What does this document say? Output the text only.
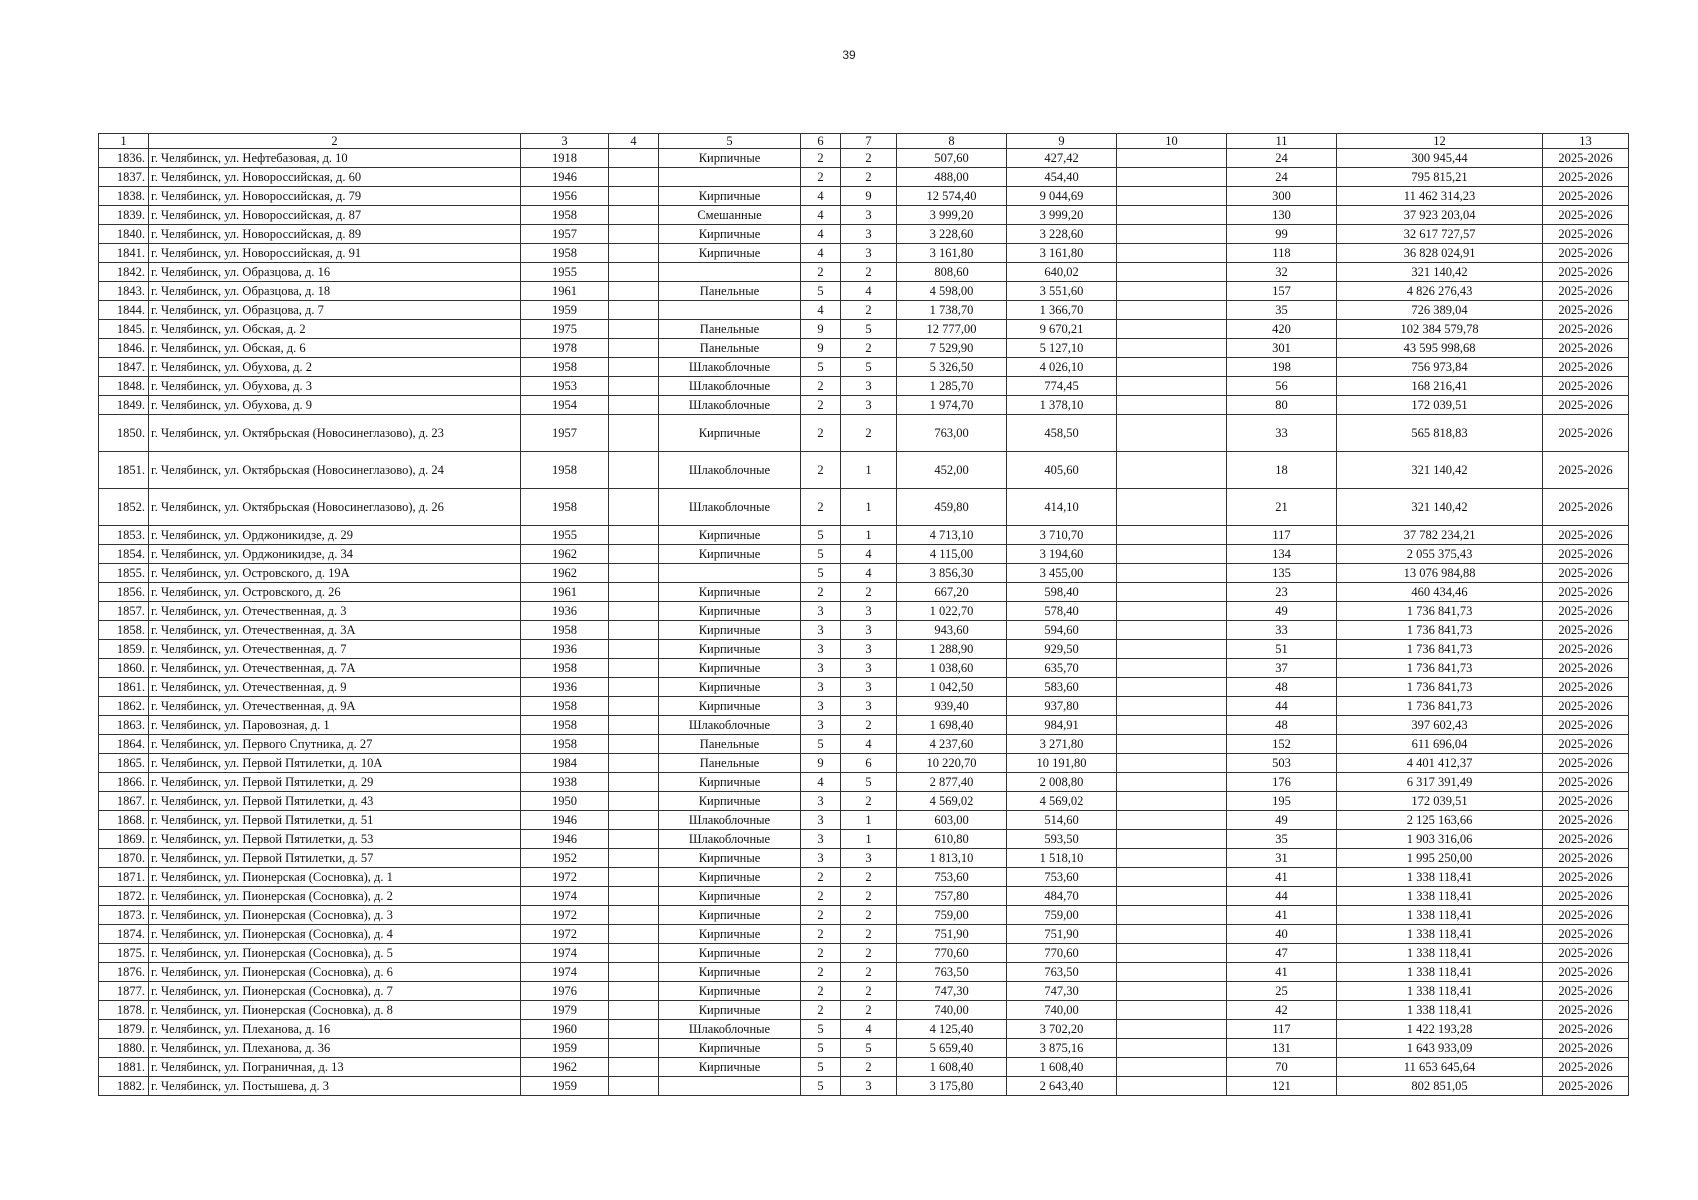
39
1	2	3	4	5	6	7	8	9	10	11	12	13
1836.	г. Челябинск, ул. Нефтебазовая, д. 10	1918		Кирпичные	2	2	507,60	427,42		24	300 945,44	2025-2026
1837.	г. Челябинск, ул. Новороссийская, д. 60	1946			2	2	488,00	454,40		24	795 815,21	2025-2026
1838.	г. Челябинск, ул. Новороссийская, д. 79	1956		Кирпичные	4	9	12 574,40	9 044,69		300	11 462 314,23	2025-2026
1839.	г. Челябинск, ул. Новороссийская, д. 87	1958		Смешанные	4	3	3 999,20	3 999,20		130	37 923 203,04	2025-2026
1840.	г. Челябинск, ул. Новороссийская, д. 89	1957		Кирпичные	4	3	3 228,60	3 228,60		99	32 617 727,57	2025-2026
1841.	г. Челябинск, ул. Новороссийская, д. 91	1958		Кирпичные	4	3	3 161,80	3 161,80		118	36 828 024,91	2025-2026
1842.	г. Челябинск, ул. Образцова, д. 16	1955			2	2	808,60	640,02		32	321 140,42	2025-2026
1843.	г. Челябинск, ул. Образцова, д. 18	1961		Панельные	5	4	4 598,00	3 551,60		157	4 826 276,43	2025-2026
1844.	г. Челябинск, ул. Образцова, д. 7	1959			4	2	1 738,70	1 366,70		35	726 389,04	2025-2026
1845.	г. Челябинск, ул. Обская, д. 2	1975		Панельные	9	5	12 777,00	9 670,21		420	102 384 579,78	2025-2026
1846.	г. Челябинск, ул. Обская, д. 6	1978		Панельные	9	2	7 529,90	5 127,10		301	43 595 998,68	2025-2026
1847.	г. Челябинск, ул. Обухова, д. 2	1958		Шлакоблочные	5	5	5 326,50	4 026,10		198	756 973,84	2025-2026
1848.	г. Челябинск, ул. Обухова, д. 3	1953		Шлакоблочные	2	3	1 285,70	774,45		56	168 216,41	2025-2026
1849.	г. Челябинск, ул. Обухова, д. 9	1954		Шлакоблочные	2	3	1 974,70	1 378,10		80	172 039,51	2025-2026
1850.	г. Челябинск, ул. Октябрьская (Новосинеглазово), д. 23	1957		Кирпичные	2	2	763,00	458,50		33	565 818,83	2025-2026
1851.	г. Челябинск, ул. Октябрьская (Новосинеглазово), д. 24	1958		Шлакоблочные	2	1	452,00	405,60		18	321 140,42	2025-2026
1852.	г. Челябинск, ул. Октябрьская (Новосинеглазово), д. 26	1958		Шлакоблочные	2	1	459,80	414,10		21	321 140,42	2025-2026
1853.	г. Челябинск, ул. Орджоникидзе, д. 29	1955		Кирпичные	5	1	4 713,10	3 710,70		117	37 782 234,21	2025-2026
1854.	г. Челябинск, ул. Орджоникидзе, д. 34	1962		Кирпичные	5	4	4 115,00	3 194,60		134	2 055 375,43	2025-2026
1855.	г. Челябинск, ул. Островского, д. 19А	1962			5	4	3 856,30	3 455,00		135	13 076 984,88	2025-2026
1856.	г. Челябинск, ул. Островского, д. 26	1961		Кирпичные	2	2	667,20	598,40		23	460 434,46	2025-2026
1857.	г. Челябинск, ул. Отечественная, д. 3	1936		Кирпичные	3	3	1 022,70	578,40		49	1 736 841,73	2025-2026
1858.	г. Челябинск, ул. Отечественная, д. 3А	1958		Кирпичные	3	3	943,60	594,60		33	1 736 841,73	2025-2026
1859.	г. Челябинск, ул. Отечественная, д. 7	1936		Кирпичные	3	3	1 288,90	929,50		51	1 736 841,73	2025-2026
1860.	г. Челябинск, ул. Отечественная, д. 7А	1958		Кирпичные	3	3	1 038,60	635,70		37	1 736 841,73	2025-2026
1861.	г. Челябинск, ул. Отечественная, д. 9	1936		Кирпичные	3	3	1 042,50	583,60		48	1 736 841,73	2025-2026
1862.	г. Челябинск, ул. Отечественная, д. 9А	1958		Кирпичные	3	3	939,40	937,80		44	1 736 841,73	2025-2026
1863.	г. Челябинск, ул. Паровозная, д. 1	1958		Шлакоблочные	3	2	1 698,40	984,91		48	397 602,43	2025-2026
1864.	г. Челябинск, ул. Первого Спутника, д. 27	1958		Панельные	5	4	4 237,60	3 271,80		152	611 696,04	2025-2026
1865.	г. Челябинск, ул. Первой Пятилетки, д. 10А	1984		Панельные	9	6	10 220,70	10 191,80		503	4 401 412,37	2025-2026
1866.	г. Челябинск, ул. Первой Пятилетки, д. 29	1938		Кирпичные	4	5	2 877,40	2 008,80		176	6 317 391,49	2025-2026
1867.	г. Челябинск, ул. Первой Пятилетки, д. 43	1950		Кирпичные	3	2	4 569,02	4 569,02		195	172 039,51	2025-2026
1868.	г. Челябинск, ул. Первой Пятилетки, д. 51	1946		Шлакоблочные	3	1	603,00	514,60		49	2 125 163,66	2025-2026
1869.	г. Челябинск, ул. Первой Пятилетки, д. 53	1946		Шлакоблочные	3	1	610,80	593,50		35	1 903 316,06	2025-2026
1870.	г. Челябинск, ул. Первой Пятилетки, д. 57	1952		Кирпичные	3	3	1 813,10	1 518,10		31	1 995 250,00	2025-2026
1871.	г. Челябинск, ул. Пионерская (Сосновка), д. 1	1972		Кирпичные	2	2	753,60	753,60		41	1 338 118,41	2025-2026
1872.	г. Челябинск, ул. Пионерская (Сосновка), д. 2	1974		Кирпичные	2	2	757,80	484,70		44	1 338 118,41	2025-2026
1873.	г. Челябинск, ул. Пионерская (Сосновка), д. 3	1972		Кирпичные	2	2	759,00	759,00		41	1 338 118,41	2025-2026
1874.	г. Челябинск, ул. Пионерская (Сосновка), д. 4	1972		Кирпичные	2	2	751,90	751,90		40	1 338 118,41	2025-2026
1875.	г. Челябинск, ул. Пионерская (Сосновка), д. 5	1974		Кирпичные	2	2	770,60	770,60		47	1 338 118,41	2025-2026
1876.	г. Челябинск, ул. Пионерская (Сосновка), д. 6	1974		Кирпичные	2	2	763,50	763,50		41	1 338 118,41	2025-2026
1877.	г. Челябинск, ул. Пионерская (Сосновка), д. 7	1976		Кирпичные	2	2	747,30	747,30		25	1 338 118,41	2025-2026
1878.	г. Челябинск, ул. Пионерская (Сосновка), д. 8	1979		Кирпичные	2	2	740,00	740,00		42	1 338 118,41	2025-2026
1879.	г. Челябинск, ул. Плеханова, д. 16	1960		Шлакоблочные	5	4	4 125,40	3 702,20		117	1 422 193,28	2025-2026
1880.	г. Челябинск, ул. Плеханова, д. 36	1959		Кирпичные	5	5	5 659,40	3 875,16		131	1 643 933,09	2025-2026
1881.	г. Челябинск, ул. Пограничная, д. 13	1962		Кирпичные	5	2	1 608,40	1 608,40		70	11 653 645,64	2025-2026
1882.	г. Челябинск, ул. Постышева, д. 3	1959			5	3	3 175,80	2 643,40		121	802 851,05	2025-2026
